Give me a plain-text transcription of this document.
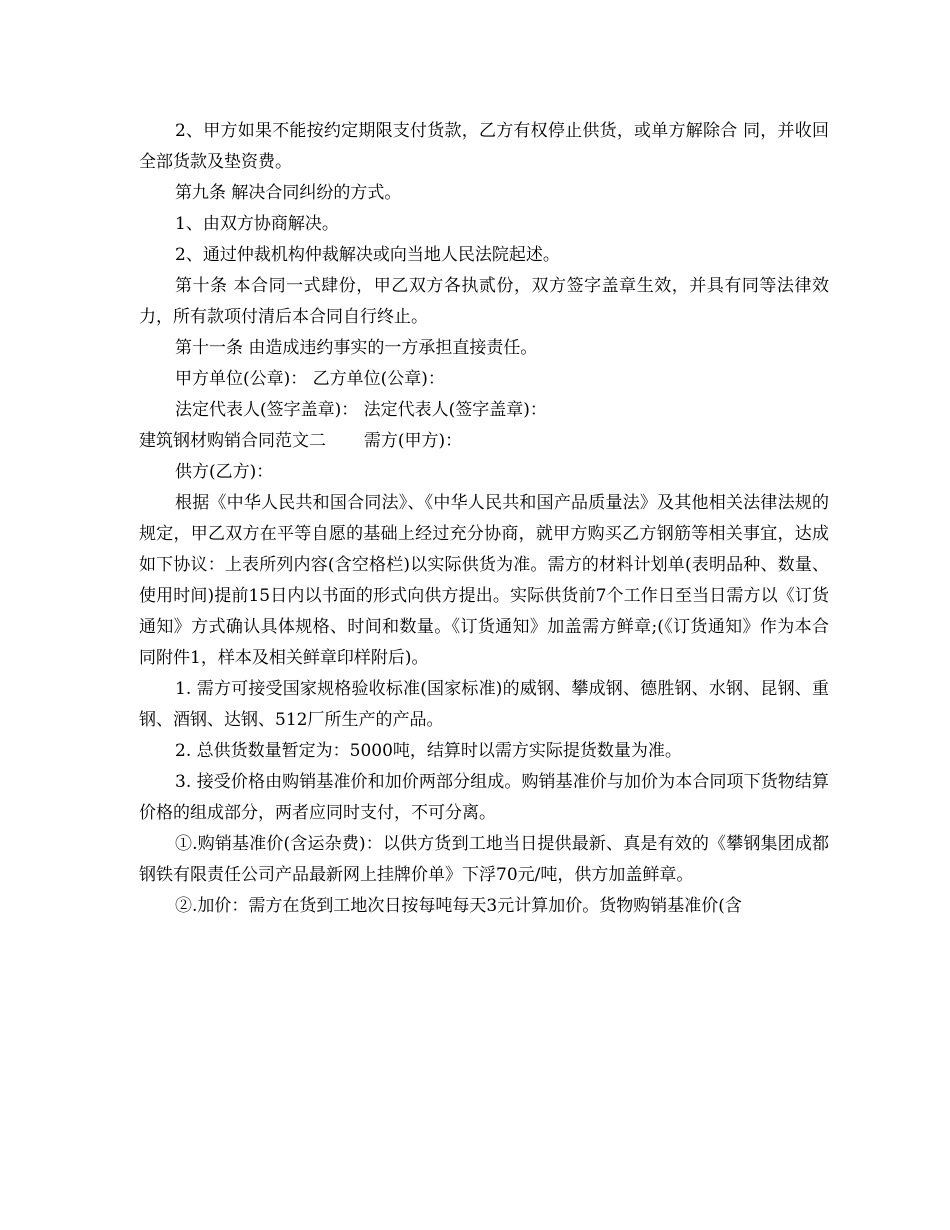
2、甲方如果不能按约定期限支付货款，乙方有权停止供货，或单方解除合 同，并收回全部货款及垫资费。

第九条 解决合同纠纷的方式。

1、由双方协商解决。

2、通过仲裁机构仲裁解决或向当地人民法院起述。

第十条 本合同一式肆份，甲乙双方各执贰份，双方签字盖章生效，并具有同等法律效力，所有款项付清后本合同自行终止。

第十一条 由造成违约事实的一方承担直接责任。

甲方单位(公章)： 乙方单位(公章)：

法定代表人(签字盖章)： 法定代表人(签字盖章)：

建筑钢材购销合同范文二       需方(甲方)：

供方(乙方)：

根据《中华人民共和国合同法》、《中华人民共和国产品质量法》及其他相关法律法规的规定，甲乙双方在平等自愿的基础上经过充分协商，就甲方购买乙方钢筋等相关事宜，达成如下协议：上表所列内容(含空格栏)以实际供货为准。需方的材料计划单(表明品种、数量、使用时间)提前15日内以书面的形式向供方提出。实际供货前7个工作日至当日需方以《订货通知》方式确认具体规格、时间和数量。《订货通知》加盖需方鲜章;(《订货通知》作为本合同附件1，样本及相关鲜章印样附后)。

1. 需方可接受国家规格验收标准(国家标准)的威钢、攀成钢、德胜钢、水钢、昆钢、重钢、酒钢、达钢、512厂所生产的产品。

2. 总供货数量暂定为：5000吨，结算时以需方实际提货数量为准。

3. 接受价格由购销基准价和加价两部分组成。购销基准价与加价为本合同项下货物结算价格的组成部分，两者应同时支付，不可分离。

①.购销基准价(含运杂费)：以供方货到工地当日提供最新、真是有效的《攀钢集团成都钢铁有限责任公司产品最新网上挂牌价单》下浮70元/吨，供方加盖鲜章。

②.加价：需方在货到工地次日按每吨每天3元计算加价。货物购销基准价(含
